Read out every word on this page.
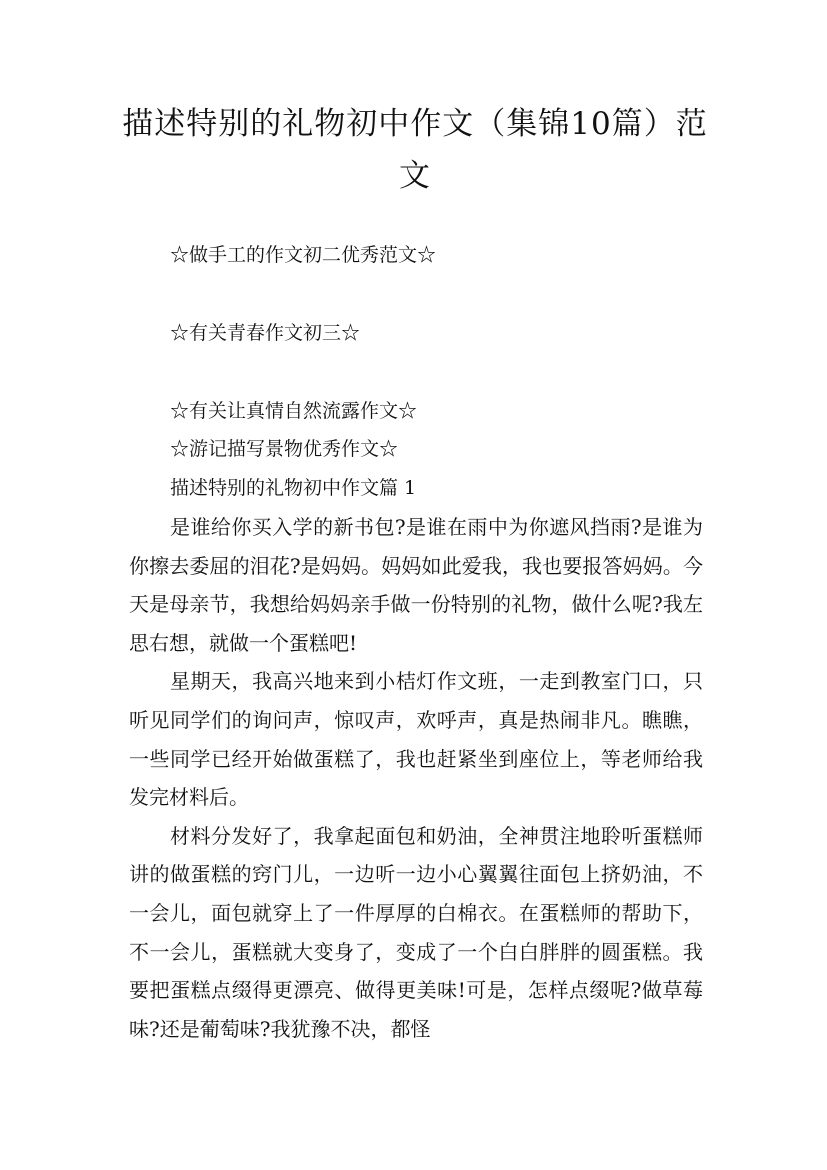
描述特别的礼物初中作文（集锦10篇）范文
☆做手工的作文初二优秀范文☆
☆有关青春作文初三☆
☆有关让真情自然流露作文☆
☆游记描写景物优秀作文☆
描述特别的礼物初中作文篇 1

是谁给你买入学的新书包?是谁在雨中为你遮风挡雨?是谁为你擦去委屈的泪花?是妈妈。妈妈如此爱我，我也要报答妈妈。今天是母亲节，我想给妈妈亲手做一份特别的礼物，做什么呢?我左思右想，就做一个蛋糕吧!

星期天，我高兴地来到小桔灯作文班，一走到教室门口，只听见同学们的询问声，惊叹声，欢呼声，真是热闹非凡。瞧瞧，一些同学已经开始做蛋糕了，我也赶紧坐到座位上，等老师给我发完材料后。

材料分发好了，我拿起面包和奶油，全神贯注地聆听蛋糕师讲的做蛋糕的窍门儿，一边听一边小心翼翼往面包上挤奶油，不一会儿，面包就穿上了一件厚厚的白棉衣。在蛋糕师的帮助下，不一会儿，蛋糕就大变身了，变成了一个白白胖胖的圆蛋糕。我要把蛋糕点缀得更漂亮、做得更美味!可是，怎样点缀呢?做草莓味?还是葡萄味?我犹豫不决，都怪
